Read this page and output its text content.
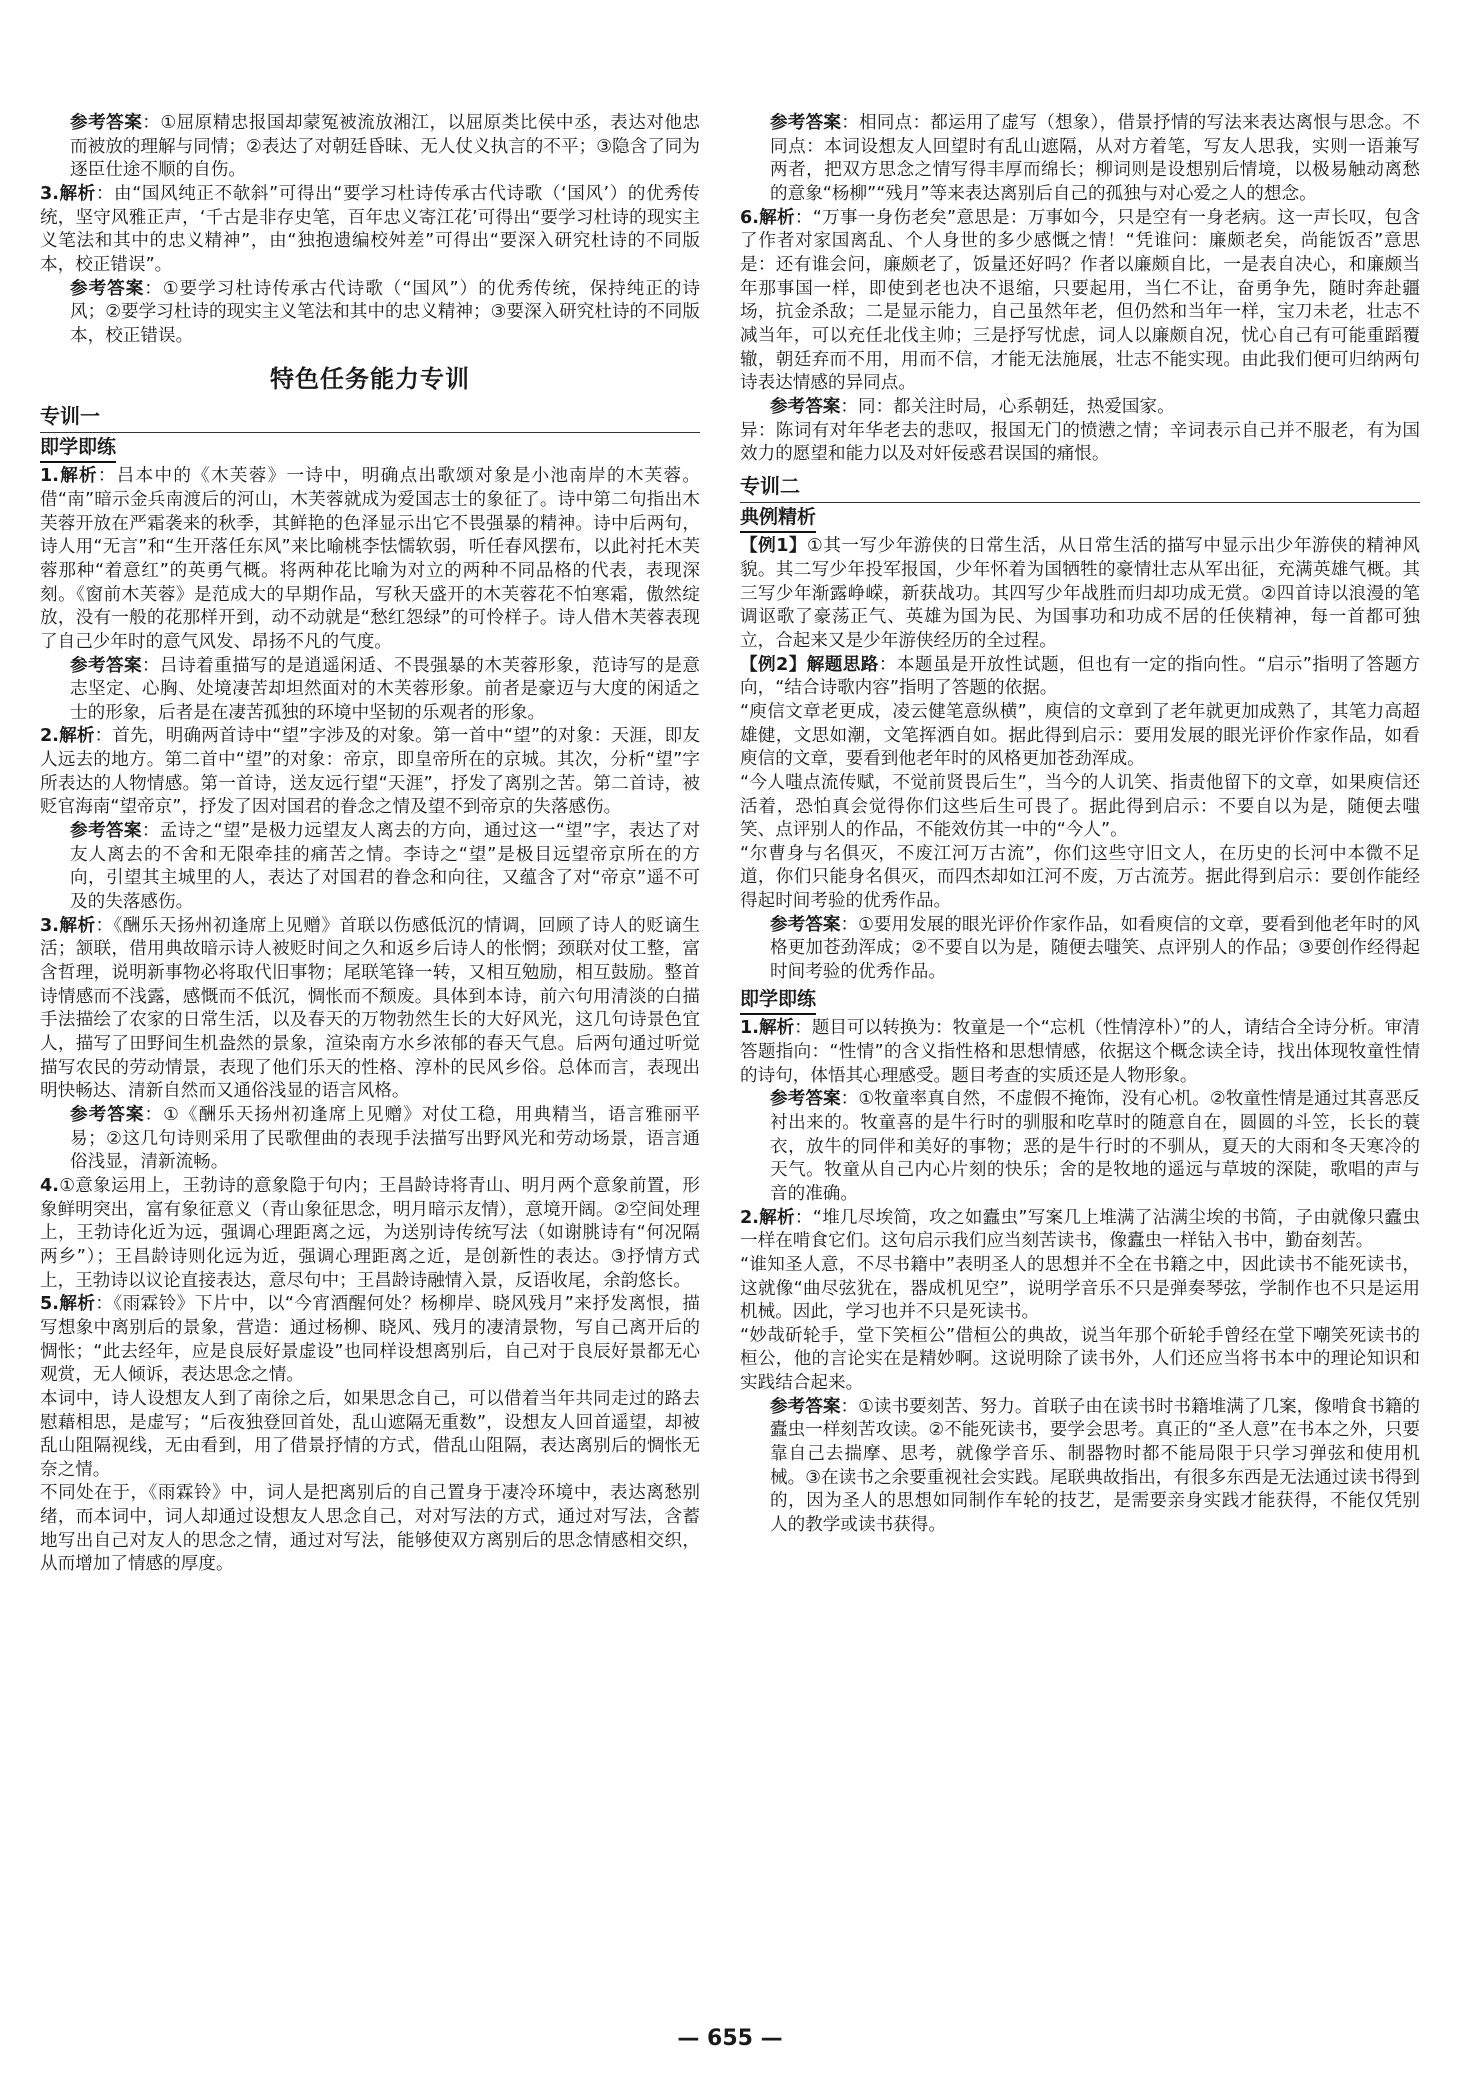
参考答案：①屈原精忠报国却蒙冤被流放湘江，以屈原类比侯中丞，表达对他忠而被放的理解与同情；②表达了对朝廷昏昧、无人仗义执言的不平；③隐含了同为逐臣仕途不顺的自伤。

3.解析：由“国风纯正不欹斜”可得出“要学习杜诗传承古代诗歌（‘国风’）的优秀传统，坚守风雅正声，‘千古是非存史笔，百年忠义寄江花’可得出“要学习杜诗的现实主义笔法和其中的忠义精神”，由“独抱遗编校舛差”可得出“要深入研究杜诗的不同版本，校正错误”。

参考答案：①要学习杜诗传承古代诗歌（“国风”）的优秀传统，保持纯正的诗风；②要学习杜诗的现实主义笔法和其中的忠义精神；③要深入研究杜诗的不同版本，校正错误。

特色任务能力专训
专训一
即学即练

1.解析：吕本中的《木芙蓉》一诗中，明确点出歌颂对象是小池南岸的木芙蓉。借“南”暗示金兵南渡后的河山，木芙蓉就成为爱国志士的象征了。诗中第二句指出木芙蓉开放在严霜袭来的秋季，其鲜艳的色泽显示出它不畏强暴的精神。诗中后两句，诗人用“无言”和“生开落任东风”来比喻桃李怯懦软弱，听任春风摆布，以此衬托木芙蓉那种“着意红”的英勇气概。将两种花比喻为对立的两种不同品格的代表，表现深刻。《窗前木芙蓉》是范成大的早期作品，写秋天盛开的木芙蓉花不怕寒霜，傲然绽放，没有一般的花那样开到，动不动就是“愁红怨绿”的可怜样子。诗人借木芙蓉表现了自己少年时的意气风发、昂扬不凡的气度。

参考答案：吕诗着重描写的是逍遥闲适、不畏强暴的木芙蓉形象，范诗写的是意志坚定、心胸、处境凄苦却坦然面对的木芙蓉形象。前者是豪迈与大度的闲适之士的形象，后者是在凄苦孤独的环境中坚韧的乐观者的形象。

2.解析：首先，明确两首诗中“望”字涉及的对象。第一首中“望”的对象：天涯，即友人远去的地方。第二首中“望”的对象：帝京，即皇帝所在的京城。其次，分析“望”字所表达的人物情感。第一首诗，送友远行望“天涯”，抒发了离别之苦。第二首诗，被贬官海南“望帝京”，抒发了因对国君的眷念之情及望不到帝京的失落感伤。

参考答案：孟诗之“望”是极力远望友人离去的方向，通过这一“望”字，表达了对友人离去的不舍和无限牵挂的痛苦之情。李诗之“望”是极目远望帝京所在的方向，引望其主城里的人，表达了对国君的眷念和向往，又蕴含了对“帝京”遥不可及的失落感伤。

3.解析：《酬乐天扬州初逢席上见赠》首联以伤感低沉的情调，回顾了诗人的贬谪生活；颔联，借用典故暗示诗人被贬时间之久和返乡后诗人的怅惘；颈联对仗工整，富含哲理，说明新事物必将取代旧事物；尾联笔锋一转，又相互勉励，相互鼓励。整首诗情感而不浅露，感慨而不低沉，惆怅而不颓废。具体到本诗，前六句用清淡的白描手法描绘了农家的日常生活，以及春天的万物勃然生长的大好风光，这几句诗景色宜人，描写了田野间生机盎然的景象，渲染南方水乡浓郁的春天气息。后两句通过听觉描写农民的劳动情景，表现了他们乐天的性格、淳朴的民风乡俗。总体而言，表现出明快畅达、清新自然而又通俗浅显的语言风格。

参考答案：①《酬乐天扬州初逢席上见赠》对仗工稳，用典精当，语言雅丽平易；②这几句诗则采用了民歌俚曲的表现手法描写出野风光和劳动场景，语言通俗浅显，清新流畅。

4.①意象运用上，王勃诗的意象隐于句内；王昌龄诗将青山、明月两个意象前置，形象鲜明突出，富有象征意义（青山象征思念，明月暗示友情），意境开阔。②空间处理上，王勃诗化近为远，强调心理距离之远，为送别诗传统写法（如谢朓诗有“何况隔两乡”）；王昌龄诗则化远为近，强调心理距离之近，是创新性的表达。③抒情方式上，王勃诗以议论直接表达，意尽句中；王昌龄诗融情入景，反语收尾，余韵悠长。

5.解析：《雨霖铃》下片中，以“今宵酒醒何处？杨柳岸、晓风残月”来抒发离恨，描写想象中离别后的景象，营造：通过杨柳、晓风、残月的凄清景物，写自己离开后的惆怅；“此去经年，应是良辰好景虚设”也同样设想离别后，自己对于良辰好景都无心观赏，无人倾诉，表达思念之情。

本词中，诗人设想友人到了南徐之后，如果思念自己，可以借着当年共同走过的路去慰藉相思，是虚写；“后夜独登回首处，乱山遮隔无重数”，设想友人回首遥望，却被乱山阻隔视线，无由看到，用了借景抒情的方式，借乱山阻隔，表达离别后的惆怅无奈之情。

不同处在于，《雨霖铃》中，词人是把离别后的自己置身于凄冷环境中，表达离愁别绪，而本词中，词人却通过设想友人思念自己，对对写法的方式，通过对写法，含蓄地写出自己对友人的思念之情，通过对写法，能够使双方离别后的思念情感相交织，从而增加了情感的厚度。

参考答案：相同点：都运用了虚写（想象），借景抒情的写法来表达离恨与思念。不同点：本词设想友人回望时有乱山遮隔，从对方着笔，写友人思我，实则一语兼写两者，把双方思念之情写得丰厚而绵长；柳词则是设想别后情境，以极易触动离愁的意象“杨柳”“残月”等来表达离别后自己的孤独与对心爱之人的想念。

6.解析：“万事一身伤老矣”意思是：万事如今，只是空有一身老病。这一声长叹，包含了作者对家国离乱、个人身世的多少感慨之情！“凭谁问：廉颇老矣，尚能饭否”意思是：还有谁会问，廉颇老了，饭量还好吗？作者以廉颇自比，一是表自决心，和廉颇当年那事国一样，即使到老也决不退缩，只要起用，当仁不让，奋勇争先，随时奔赴疆场，抗金杀敌；二是显示能力，自己虽然年老，但仍然和当年一样，宝刀未老，壮志不减当年，可以充任北伐主帅；三是抒写忧虑，词人以廉颇自况，忧心自己有可能重蹈覆辙，朝廷弃而不用，用而不信，才能无法施展，壮志不能实现。由此我们便可归纳两句诗表达情感的异同点。

参考答案：同：都关注时局，心系朝廷，热爱国家。

异：陈词有对年华老去的悲叹，报国无门的愤懑之情；辛词表示自己并不服老，有为国效力的愿望和能力以及对奸佞惑君误国的痛恨。

专训二
典例精析

【例1】①其一写少年游侠的日常生活，从日常生活的描写中显示出少年游侠的精神风貌。其二写少年投军报国，少年怀着为国牺牲的豪情壮志从军出征，充满英雄气概。其三写少年渐露峥嵘，新获战功。其四写少年战胜而归却功成无赏。②四首诗以浪漫的笔调讴歌了豪荡正气、英雄为国为民、为国事功和功成不居的任侠精神，每一首都可独立，合起来又是少年游侠经历的全过程。

【例2】解题思路：本题虽是开放性试题，但也有一定的指向性。“启示”指明了答题方向，“结合诗歌内容”指明了答题的依据。

“庾信文章老更成，凌云健笔意纵横”，庾信的文章到了老年就更加成熟了，其笔力高超雄健，文思如潮，文笔挥洒自如。据此得到启示：要用发展的眼光评价作家作品，如看庾信的文章，要看到他老年时的风格更加苍劲浑成。

“今人嗤点流传赋，不觉前贤畏后生”，当今的人讥笑、指责他留下的文章，如果庾信还活着，恐怕真会觉得你们这些后生可畏了。据此得到启示：不要自以为是，随便去嗤笑、点评别人的作品，不能效仿其一中的“今人”。

“尔曹身与名俱灭，不废江河万古流”，你们这些守旧文人，在历史的长河中本微不足道，你们只能身名俱灭，而四杰却如江河不废，万古流芳。据此得到启示：要创作能经得起时间考验的优秀作品。

参考答案：①要用发展的眼光评价作家作品，如看庾信的文章，要看到他老年时的风格更加苍劲浑成；②不要自以为是，随便去嗤笑、点评别人的作品；③要创作经得起时间考验的优秀作品。

即学即练

1.解析：题目可以转换为：牧童是一个“忘机（性情淳朴）”的人，请结合全诗分析。审清答题指向：“性情”的含义指性格和思想情感，依据这个概念读全诗，找出体现牧童性情的诗句，体悟其心理感受。题目考查的实质还是人物形象。

参考答案：①牧童率真自然，不虚假不掩饰，没有心机。②牧童性情是通过其喜恶反衬出来的。牧童喜的是牛行时的驯服和吃草时的随意自在，圆圆的斗笠，长长的蓑衣，放牛的同伴和美好的事物；恶的是牛行时的不驯从，夏天的大雨和冬天寒冷的天气。牧童从自己内心片刻的快乐；舍的是牧地的遥远与草坡的深陡，歌唱的声与音的准确。

2.解析：“堆几尽埃简，攻之如蠹虫”写案几上堆满了沾满尘埃的书简，子由就像只蠹虫一样在啃食它们。这句启示我们应当刻苦读书，像蠹虫一样钻入书中，勤奋刻苦。

“谁知圣人意，不尽书籍中”表明圣人的思想并不全在书籍之中，因此读书不能死读书，这就像“曲尽弦犹在，器成机见空”，说明学音乐不只是弹奏琴弦，学制作也不只是运用机械。因此，学习也并不只是死读书。

“妙哉斫轮手，堂下笑桓公”借桓公的典故，说当年那个斫轮手曾经在堂下嘲笑死读书的桓公，他的言论实在是精妙啊。这说明除了读书外，人们还应当将书本中的理论知识和实践结合起来。

参考答案：①读书要刻苦、努力。首联子由在读书时书籍堆满了几案，像啃食书籍的蠹虫一样刻苦攻读。②不能死读书，要学会思考。真正的“圣人意”在书本之外，只要靠自己去揣摩、思考，就像学音乐、制器物时都不能局限于只学习弹弦和使用机械。③在读书之余要重视社会实践。尾联典故指出，有很多东西是无法通过读书得到的，因为圣人的思想如同制作车轮的技艺，是需要亲身实践才能获得，不能仅凭别人的教学或读书获得。

— 655 —
